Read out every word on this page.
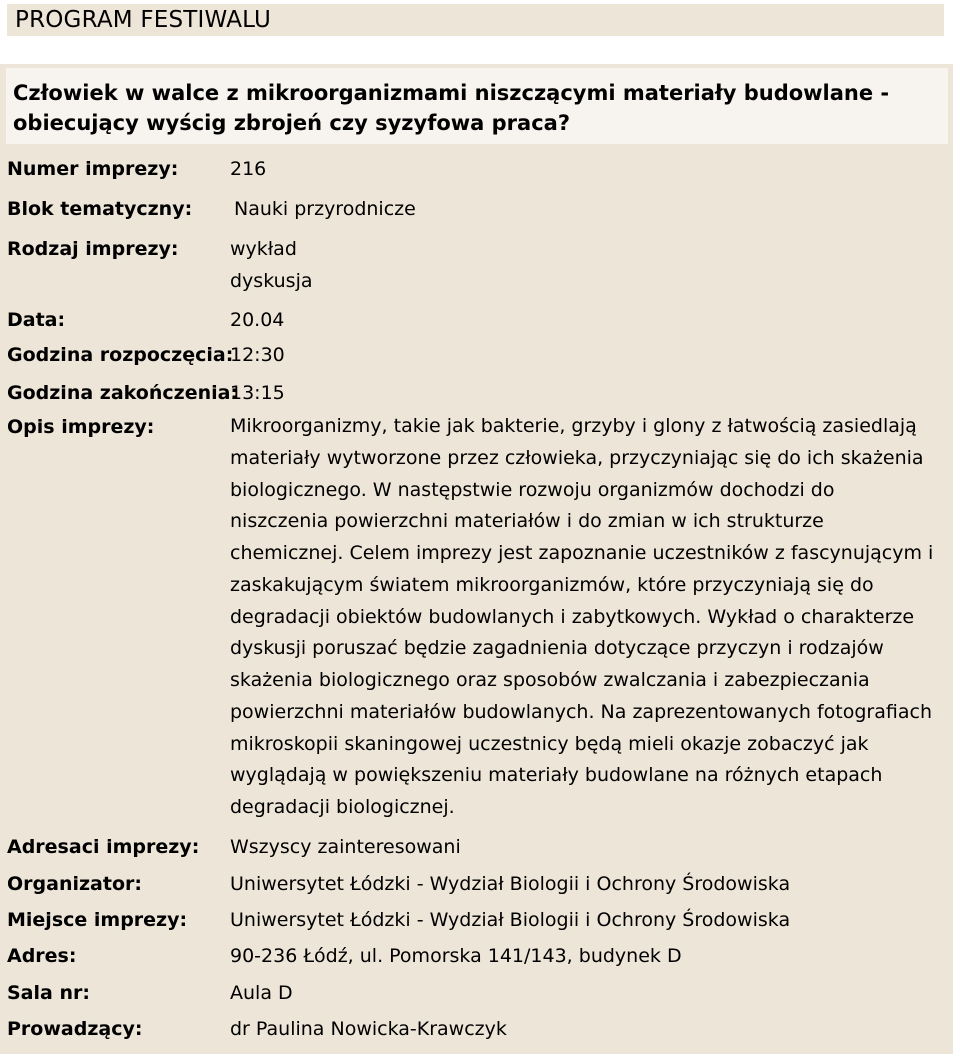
PROGRAM FESTIWALU
Człowiek w walce z mikroorganizmami niszczącymi materiały budowlane -
obiecujący wyścig zbrojeń czy syzyfowa praca?
Numer imprezy:	216
Blok tematyczny: Nauki przyrodnicze
Rodzaj imprezy:	wykład
dyskusja
Data:	20.04
Godzina rozpoczęcia:
12:30
Godzina zakończenia:
13:15
Opis imprezy:	Mikroorganizmy, takie jak bakterie, grzyby i glony z łatwością zasiedlają
materiały wytworzone przez człowieka, przyczyniając się do ich skażenia
biologicznego. W następstwie rozwoju organizmów dochodzi do
niszczenia powierzchni materiałów i do zmian w ich strukturze
chemicznej. Celem imprezy jest zapoznanie uczestników z fascynującym i
zaskakującym światem mikroorganizmów, które przyczyniają się do
degradacji obiektów budowlanych i zabytkowych. Wykład o charakterze
dyskusji poruszać będzie zagadnienia dotyczące przyczyn i rodzajów
skażenia biologicznego oraz sposobów zwalczania i zabezpieczania
powierzchni materiałów budowlanych. Na zaprezentowanych fotografiach
mikroskopii skaningowej uczestnicy będą mieli okazje zobaczyć jak
wyglądają w powiększeniu materiały budowlane na różnych etapach
degradacji biologicznej.
Adresaci imprezy: Wszyscy zainteresowani
Organizator:	Uniwersytet Łódzki - Wydział Biologii i Ochrony Środowiska
Miejsce imprezy: Uniwersytet Łódzki - Wydział Biologii i Ochrony Środowiska
Adres:	90-236 Łódź, ul. Pomorska 141/143, budynek D
Sala nr:	Aula D
Prowadzący:	dr Paulina Nowicka-Krawczyk
